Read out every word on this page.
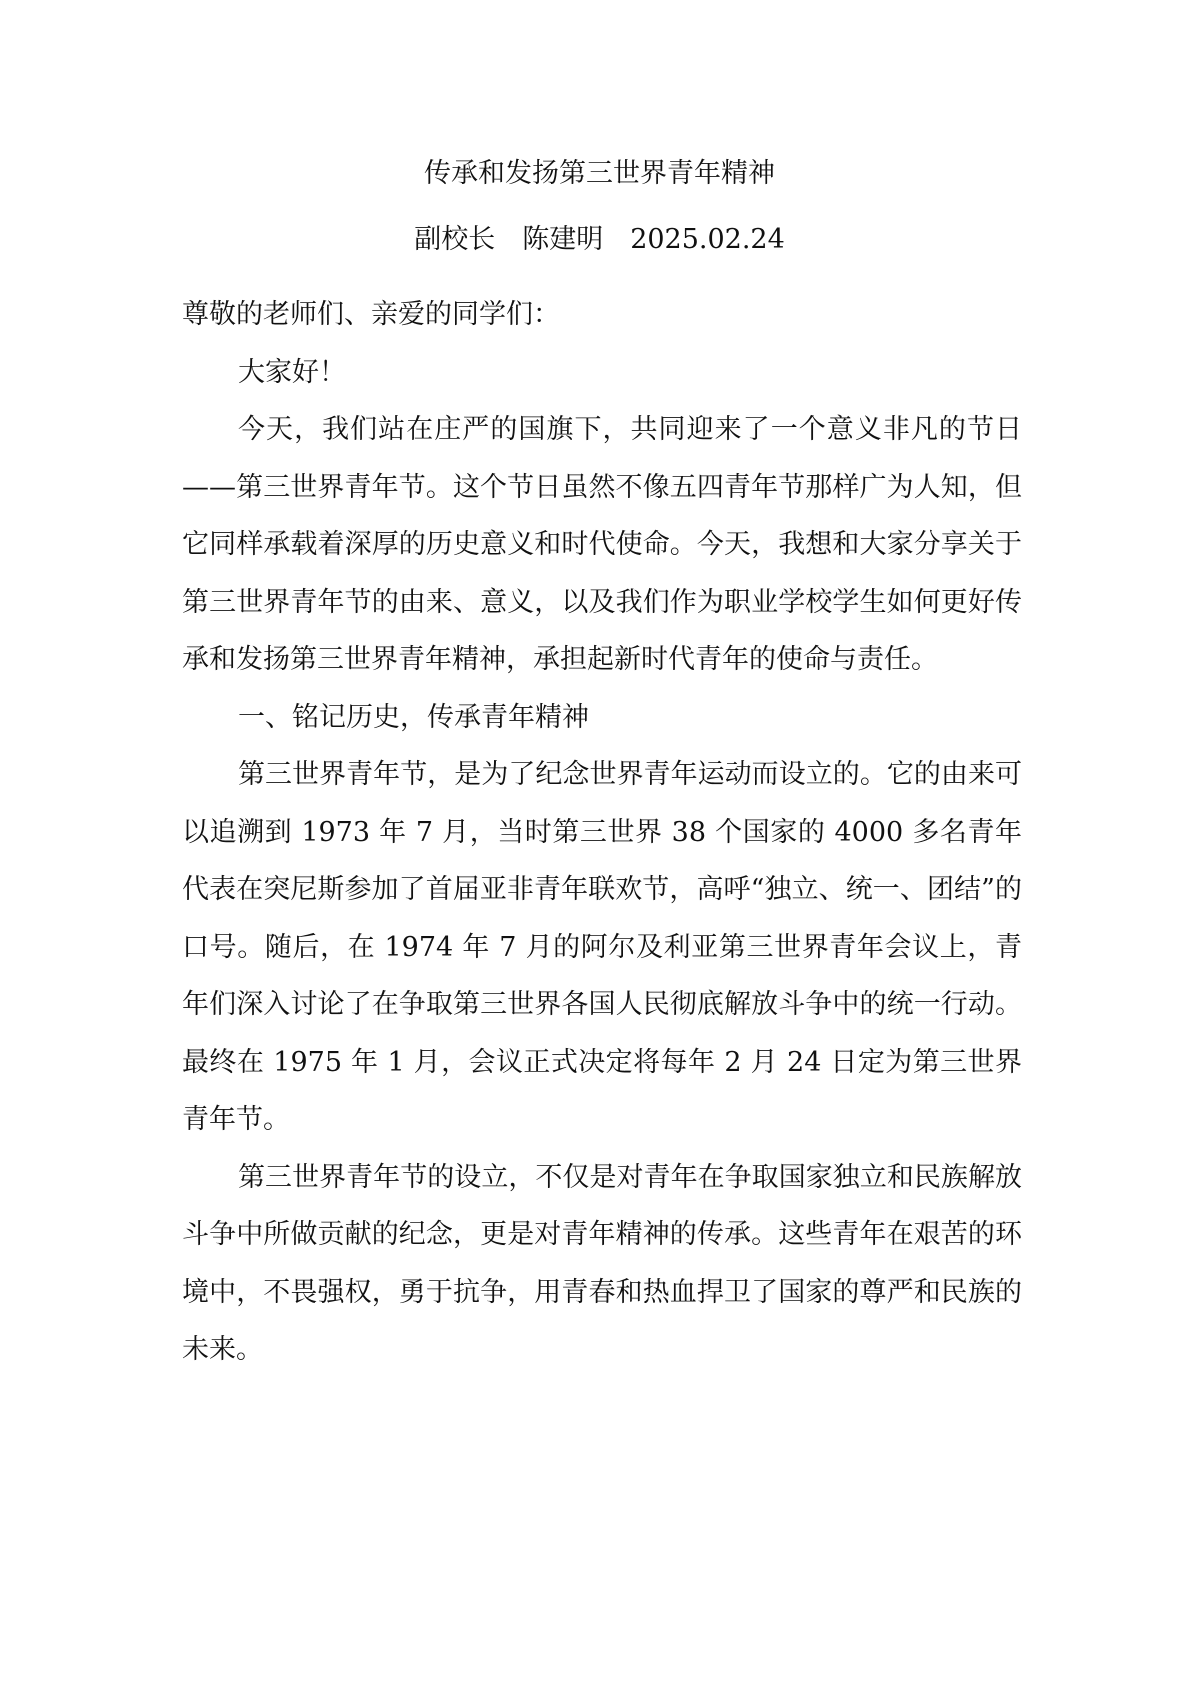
传承和发扬第三世界青年精神
副校长　陈建明　2025.02.24

尊敬的老师们、亲爱的同学们：

大家好！

今天，我们站在庄严的国旗下，共同迎来了一个意义非凡的节日——第三世界青年节。这个节日虽然不像五四青年节那样广为人知，但它同样承载着深厚的历史意义和时代使命。今天，我想和大家分享关于第三世界青年节的由来、意义，以及我们作为职业学校学生如何更好传承和发扬第三世界青年精神，承担起新时代青年的使命与责任。

一、铭记历史，传承青年精神

第三世界青年节，是为了纪念世界青年运动而设立的。它的由来可以追溯到 1973 年 7 月，当时第三世界 38 个国家的 4000 多名青年代表在突尼斯参加了首届亚非青年联欢节，高呼“独立、统一、团结”的口号。随后，在 1974 年 7 月的阿尔及利亚第三世界青年会议上，青年们深入讨论了在争取第三世界各国人民彻底解放斗争中的统一行动。最终在 1975 年 1 月，会议正式决定将每年 2 月 24 日定为第三世界青年节。

第三世界青年节的设立，不仅是对青年在争取国家独立和民族解放斗争中所做贡献的纪念，更是对青年精神的传承。这些青年在艰苦的环境中，不畏强权，勇于抗争，用青春和热血捍卫了国家的尊严和民族的未来。
